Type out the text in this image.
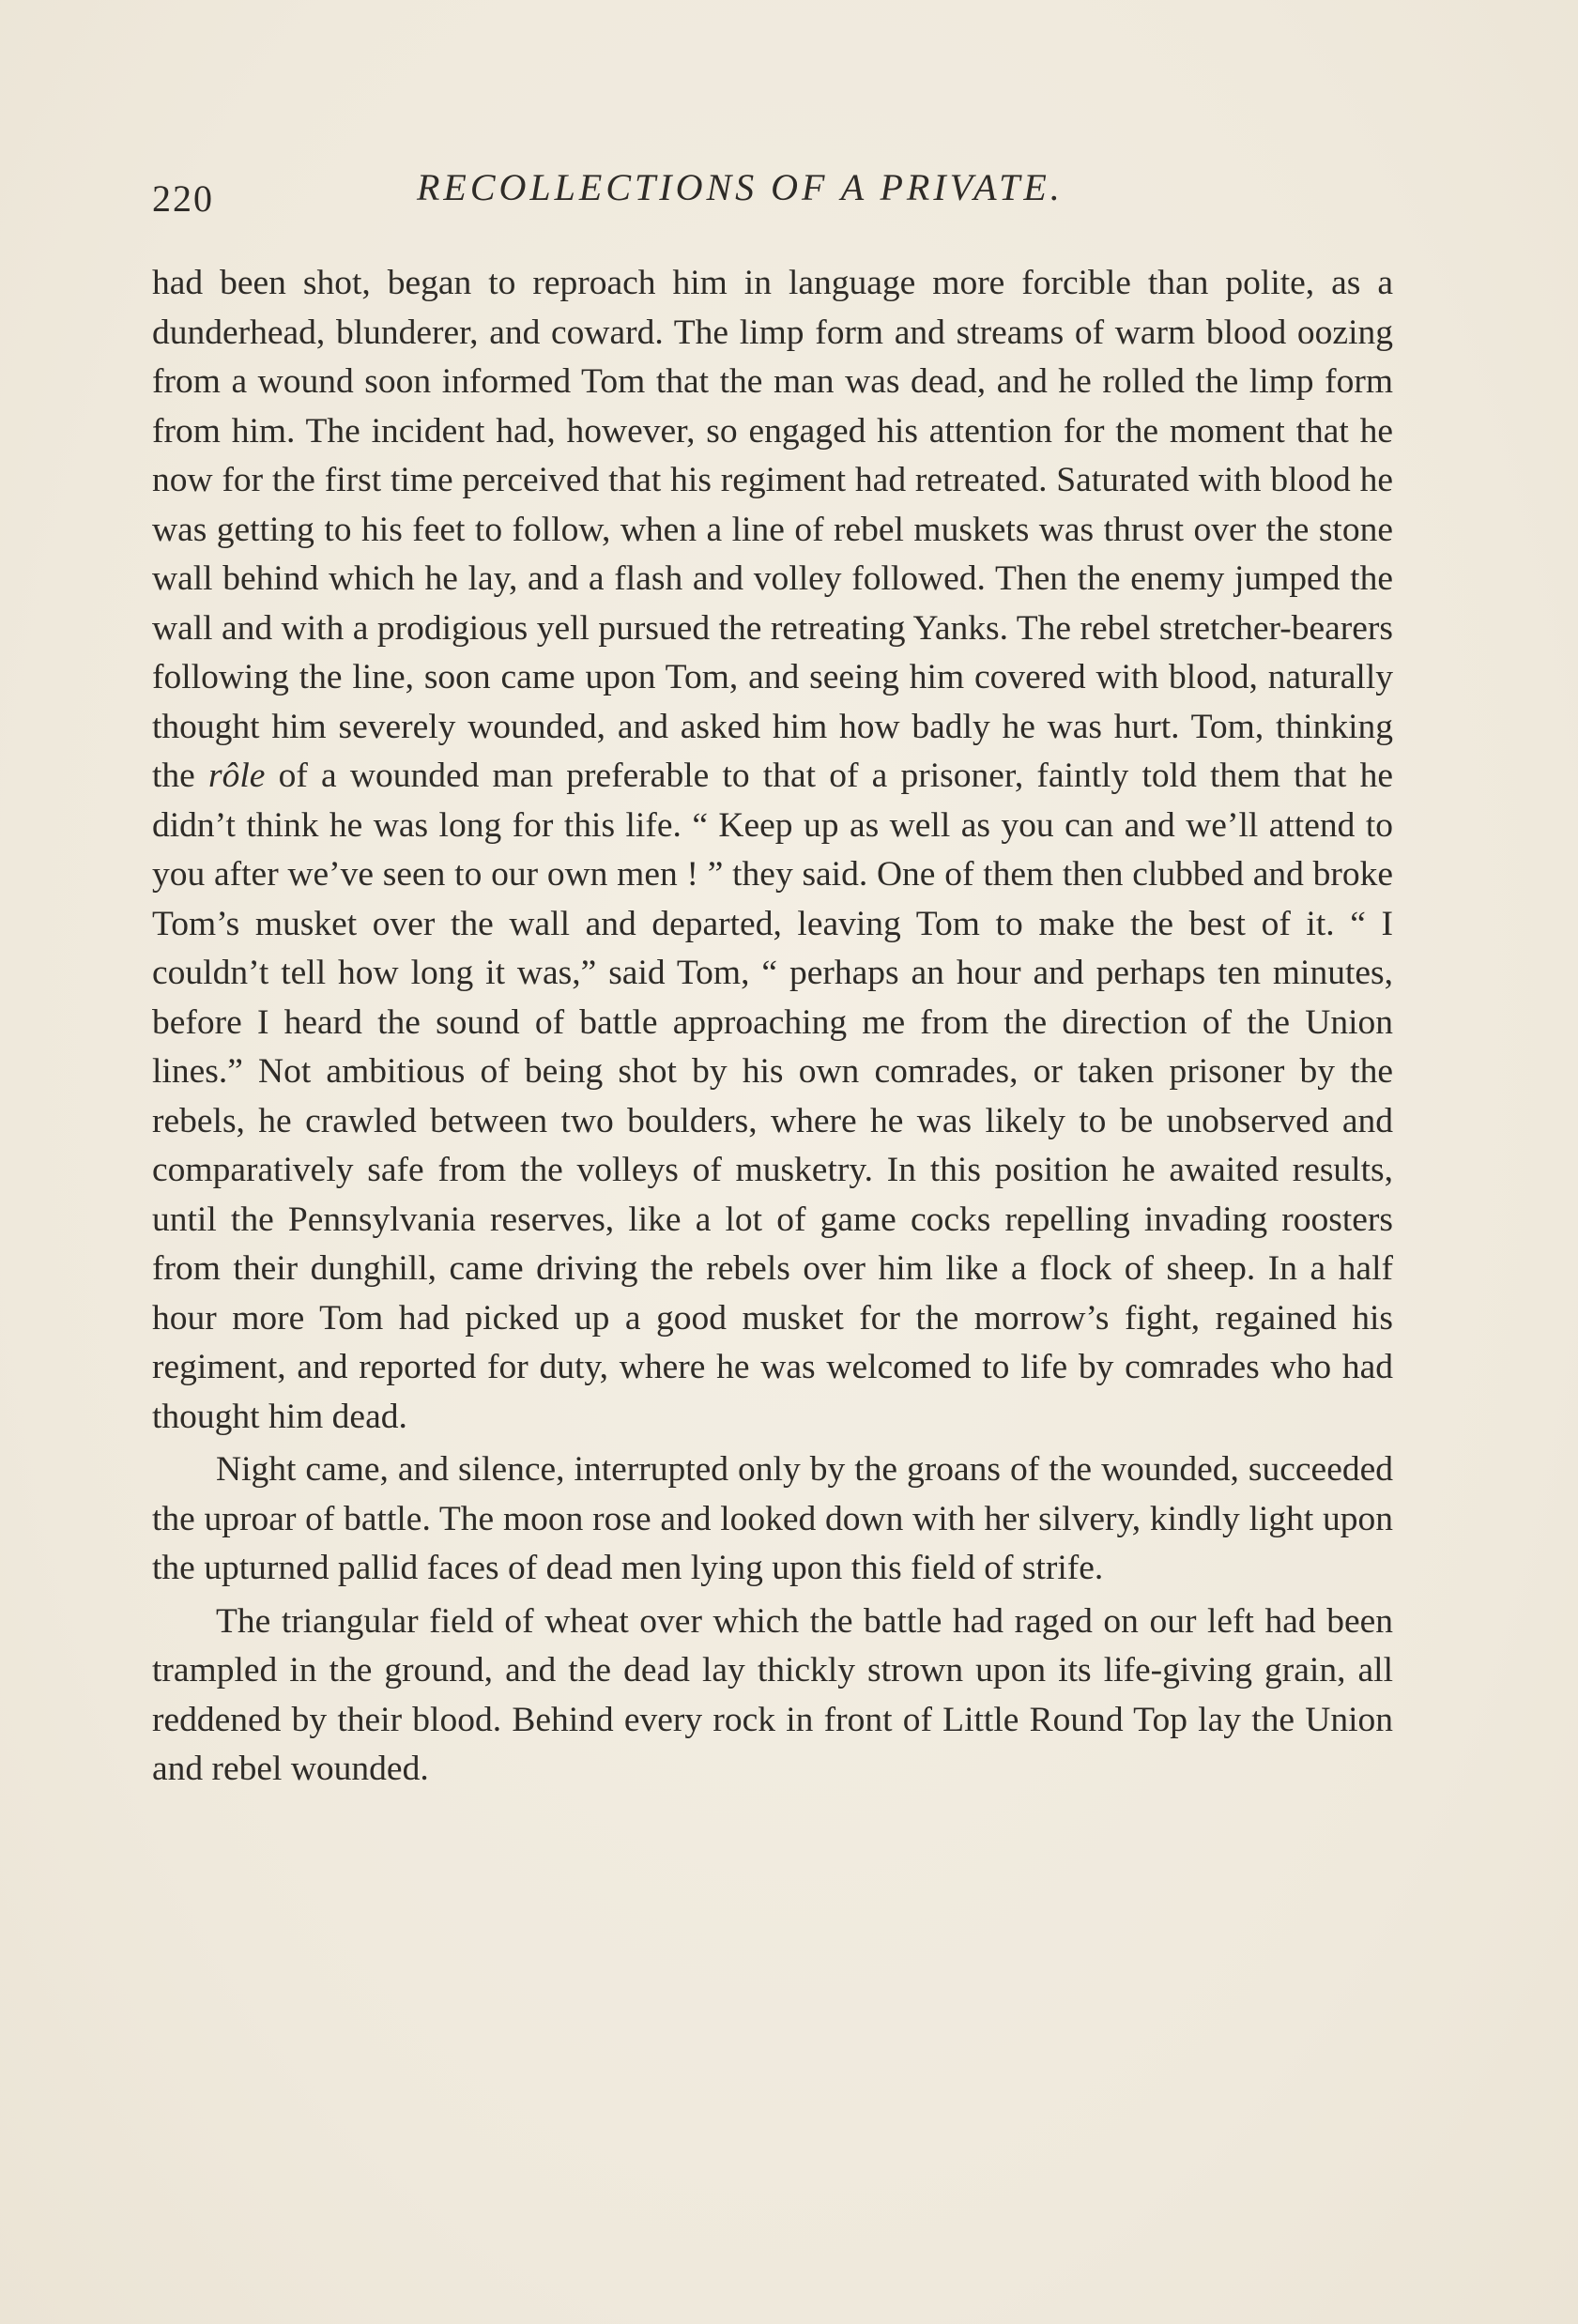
220	RECOLLECTIONS OF A PRIVATE.

had been shot, began to reproach him in language more forcible than polite, as a dunderhead, blunderer, and coward. The limp form and streams of warm blood oozing from a wound soon informed Tom that the man was dead, and he rolled the limp form from him. The incident had, however, so engaged his attention for the moment that he now for the first time perceived that his regiment had retreated. Saturated with blood he was getting to his feet to follow, when a line of rebel muskets was thrust over the stone wall behind which he lay, and a flash and volley followed. Then the enemy jumped the wall and with a prodigious yell pursued the retreating Yanks. The rebel stretcher-bearers following the line, soon came upon Tom, and seeing him covered with blood, naturally thought him severely wounded, and asked him how badly he was hurt. Tom, thinking the rôle of a wounded man preferable to that of a prisoner, faintly told them that he didn’t think he was long for this life. “ Keep up as well as you can and we’ll attend to you after we’ve seen to our own men ! ” they said. One of them then clubbed and broke Tom’s musket over the wall and departed, leaving Tom to make the best of it. “ I couldn’t tell how long it was,” said Tom, “ perhaps an hour and perhaps ten minutes, before I heard the sound of battle approaching me from the direction of the Union lines.” Not ambitious of being shot by his own comrades, or taken prisoner by the rebels, he crawled between two boulders, where he was likely to be unobserved and comparatively safe from the volleys of musketry. In this position he awaited results, until the Pennsylvania reserves, like a lot of game cocks repelling invading roosters from their dunghill, came driving the rebels over him like a flock of sheep. In a half hour more Tom had picked up a good musket for the morrow’s fight, regained his regiment, and reported for duty, where he was welcomed to life by comrades who had thought him dead.

Night came, and silence, interrupted only by the groans of the wounded, succeeded the uproar of battle. The moon rose and looked down with her silvery, kindly light upon the upturned pallid faces of dead men lying upon this field of strife.

The triangular field of wheat over which the battle had raged on our left had been trampled in the ground, and the dead lay thickly strown upon its life-giving grain, all reddened by their blood. Behind every rock in front of Little Round Top lay the Union and rebel wounded.
